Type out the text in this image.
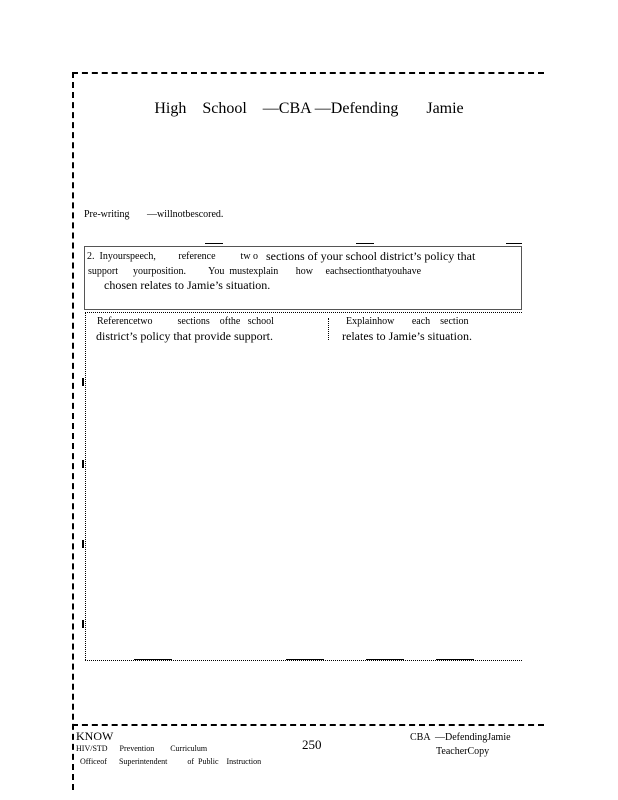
High    School    —CBA —Defending       Jamie
Pre-writing       —willnotbescored.
2.  Inyourspeech,         reference          tw o sections of your school district’s policy that
support      yourposition.         You  mustexplain       how     eachsectionthatyouhave
chosen relates to Jamie’s situation.
Referencetwo          sections    ofthe   school
district’s policy that provide support.
Explainhow       each    section
relates to Jamie’s situation.
KNOW
HIV/STD      Prevention        Curriculum
Officeof      Superintendent          of  Public    Instruction
250	CBA  —DefendingJamie
TeacherCopy
